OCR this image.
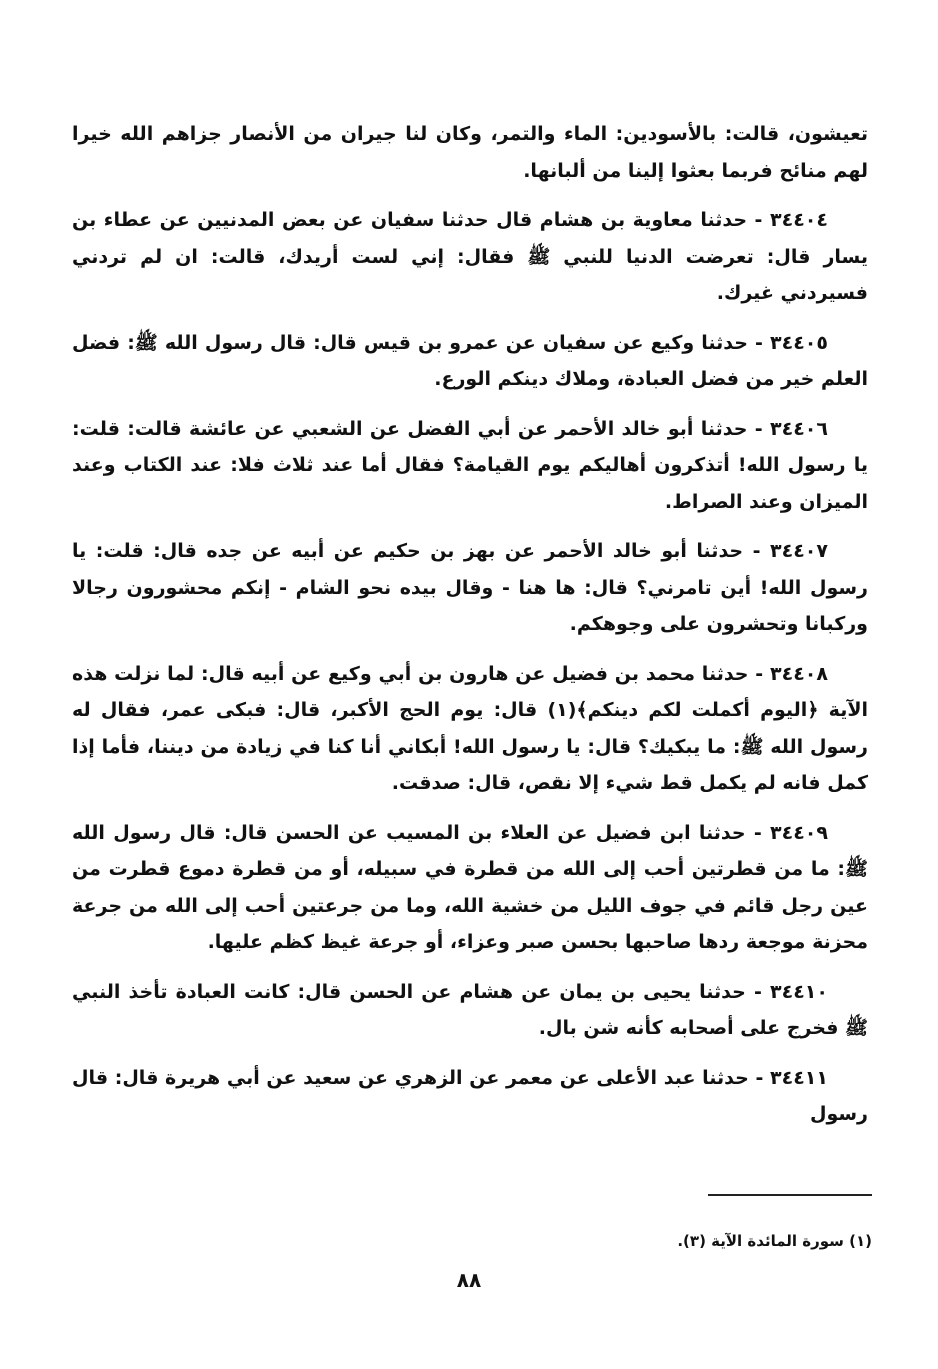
تعيشون، قالت: بالأسودين: الماء والتمر، وكان لنا جيران من الأنصار جزاهم الله خيرا لهم منائح فربما بعثوا إلينا من ألبانها.

٣٤٤٠٤ - حدثنا معاوية بن هشام قال حدثنا سفيان عن بعض المدنيين عن عطاء بن يسار قال: تعرضت الدنيا للنبي ﷺ فقال: إني لست أريدك، قالت: ان لم تردني فسيردني غيرك.

٣٤٤٠٥ - حدثنا وكيع عن سفيان عن عمرو بن قيس قال: قال رسول الله ﷺ: فضل العلم خير من فضل العبادة، وملاك دينكم الورع.

٣٤٤٠٦ - حدثنا أبو خالد الأحمر عن أبي الفضل عن الشعبي عن عائشة قالت: قلت: يا رسول الله! أتذكرون أهاليكم يوم القيامة؟ فقال أما عند ثلاث فلا: عند الكتاب وعند الميزان وعند الصراط.

٣٤٤٠٧ - حدثنا أبو خالد الأحمر عن بهز بن حكيم عن أبيه عن جده قال: قلت: يا رسول الله! أين تامرني؟ قال: ها هنا - وقال بيده نحو الشام - إنكم محشورون رجالا وركبانا وتحشرون على وجوهكم.

٣٤٤٠٨ - حدثنا محمد بن فضيل عن هارون بن أبي وكيع عن أبيه قال: لما نزلت هذه الآية ﴿اليوم أكملت لكم دينكم﴾(١) قال: يوم الحج الأكبر، قال: فبكى عمر، فقال له رسول الله ﷺ: ما يبكيك؟ قال: يا رسول الله! أبكاني أنا كنا في زيادة من ديننا، فأما إذا كمل فانه لم يكمل قط شيء إلا نقص، قال: صدقت.

٣٤٤٠٩ - حدثنا ابن فضيل عن العلاء بن المسيب عن الحسن قال: قال رسول الله ﷺ: ما من قطرتين أحب إلى الله من قطرة في سبيله، أو من قطرة دموع قطرت من عين رجل قائم في جوف الليل من خشية الله، وما من جرعتين أحب إلى الله من جرعة محزنة موجعة ردها صاحبها بحسن صبر وعزاء، أو جرعة غيظ كظم عليها.

٣٤٤١٠ - حدثنا يحيى بن يمان عن هشام عن الحسن قال: كانت العبادة تأخذ النبي ﷺ فخرج على أصحابه كأنه شن بال.

٣٤٤١١ - حدثنا عبد الأعلى عن معمر عن الزهري عن سعيد عن أبي هريرة قال: قال رسول

(١) سورة المائدة الآية (٣).
٨٨
